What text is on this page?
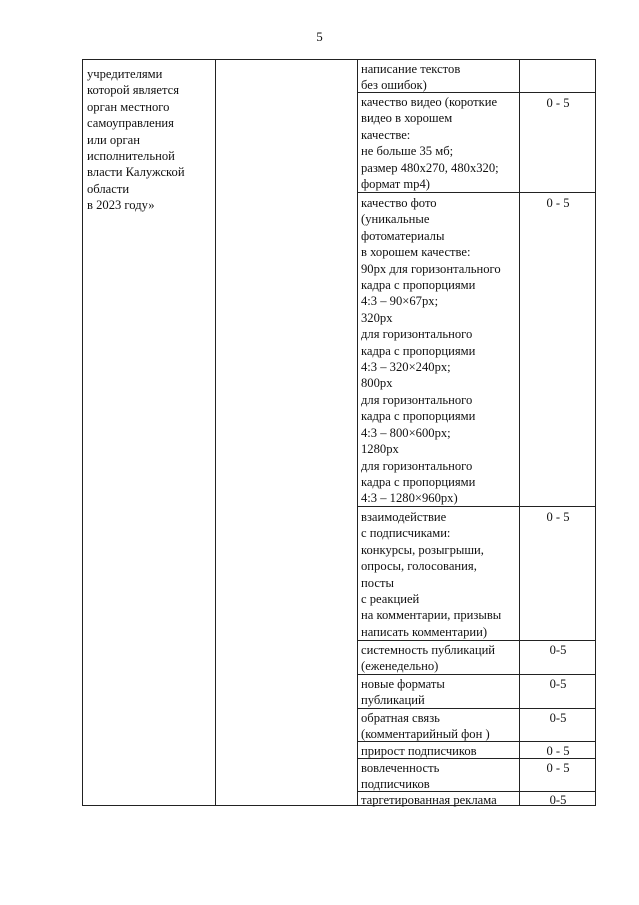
5
учредителями
которой является
орган местного
самоуправления
или орган
исполнительной
власти Калужской
области
в 2023 году»
написание текстов
без ошибок)
качество видео (короткие
видео в хорошем
качестве:
не больше 35 мб;
размер 480х270, 480х320;
формат mp4)
качество фото
(уникальные
фотоматериалы
в хорошем качестве:
90рх для горизонтального
кадра с пропорциями
4:3 – 90×67рх;
320рх
для горизонтального
кадра с пропорциями
4:3 – 320×240рх;
800рх
для горизонтального
кадра с пропорциями
4:3 – 800×600рх;
1280рх
для горизонтального
кадра с пропорциями
4:3 – 1280×960рх)
взаимодействие
с подписчиками:
конкурсы, розыгрыши,
опросы, голосования,
посты
с реакцией
на комментарии, призывы
написать комментарии)
системность публикаций
(еженедельно)
новые форматы
публикаций
обратная связь
(комментарийный фон )
прирост подписчиков
вовлеченность
подписчиков
таргетированная реклама
0 - 5
0 - 5
0 - 5
0-5
0-5
0-5
0 - 5
0 - 5
0-5
